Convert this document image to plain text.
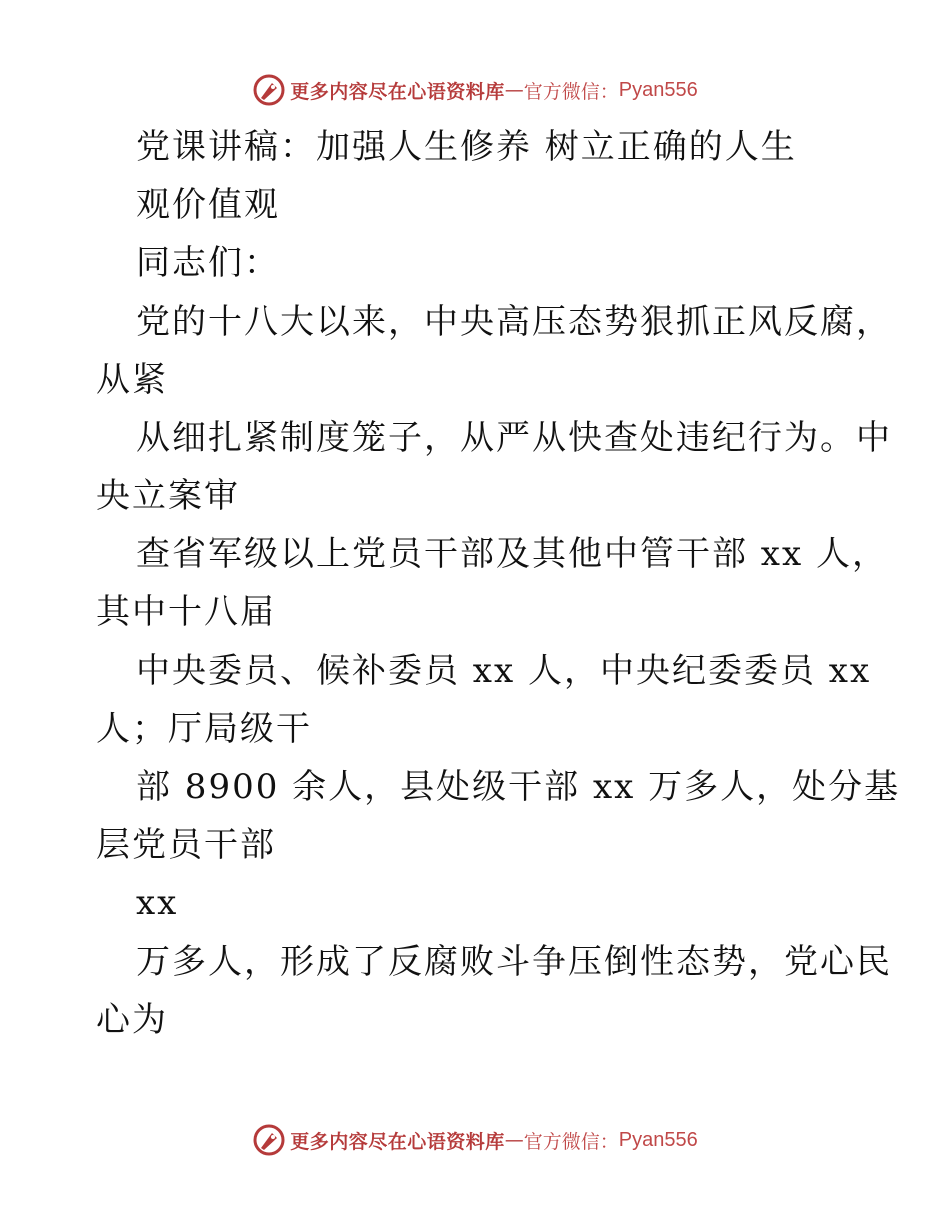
更多内容尽在心语资料库 — 官方微信： Pyan556
党课讲稿：加强人生修养 树立正确的人生
观价值观
同志们：
党的十八大以来，中央高压态势狠抓正风反腐，
从紧
从细扎紧制度笼子，从严从快查处违纪行为。中
央立案审
查省军级以上党员干部及其他中管干部 xx 人，
其中十八届
中央委员、候补委员 xx 人，中央纪委委员 xx
人；厅局级干
部 8900 余人，县处级干部 xx 万多人，处分基
层党员干部
xx
万多人，形成了反腐败斗争压倒性态势，党心民
心为
更多内容尽在心语资料库 — 官方微信： Pyan556
